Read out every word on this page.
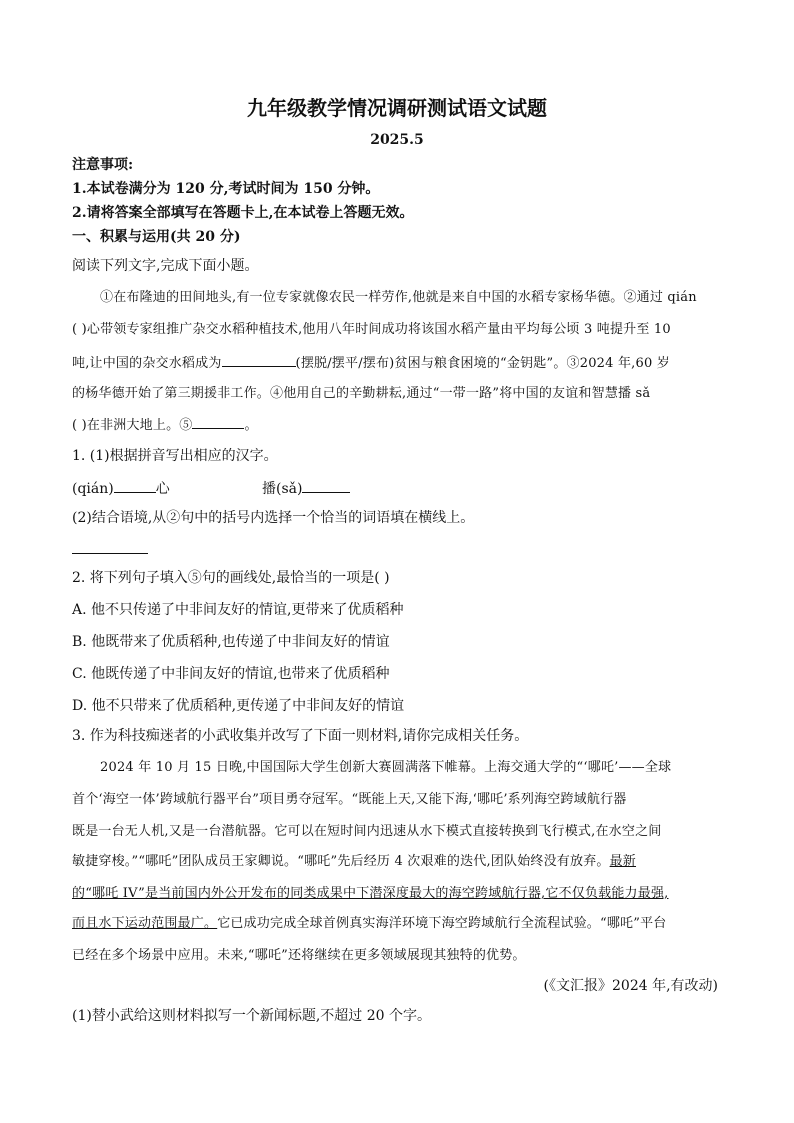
九年级教学情况调研测试语文试题
2025.5
注意事项:
1.本试卷满分为 120 分,考试时间为 150 分钟。
2.请将答案全部填写在答题卡上,在本试卷上答题无效。
一、积累与运用(共 20 分)
阅读下列文字,完成下面小题。
①在布隆迪的田间地头,有一位专家就像农民一样劳作,他就是来自中国的水稻专家杨华德。②通过 qián
( )心带领专家组推广杂交水稻种植技术,他用八年时间成功将该国水稻产量由平均每公顷 3 吨提升至 10
吨,让中国的杂交水稻成为	(摆脱/摆平/摆布)贫困与粮食困境的“金钥匙”。③2024 年,60 岁
的杨华德开始了第三期援非工作。④他用自己的辛勤耕耘,通过“一带一路”将中国的友谊和智慧播 sǎ
( )在非洲大地上。⑤	。
1. (1)根据拼音写出相应的汉字。
(qián)	心	播(sǎ)
(2)结合语境,从②句中的括号内选择一个恰当的词语填在横线上。
2. 将下列句子填入⑤句的画线处,最恰当的一项是( )
A. 他不只传递了中非间友好的情谊,更带来了优质稻种
B. 他既带来了优质稻种,也传递了中非间友好的情谊
C. 他既传递了中非间友好的情谊,也带来了优质稻种
D. 他不只带来了优质稻种,更传递了中非间友好的情谊
3. 作为科技痴迷者的小武收集并改写了下面一则材料,请你完成相关任务。
2024 年 10 月 15 日晚,中国国际大学生创新大赛圆满落下帷幕。上海交通大学的“‘哪吒’——全球
首个‘海空一体’跨域航行器平台”项目勇夺冠军。“既能上天,又能下海,‘哪吒’系列海空跨域航行器
既是一台无人机,又是一台潜航器。它可以在短时间内迅速从水下模式直接转换到飞行模式,在水空之间
敏捷穿梭。”“哪吒”团队成员王家卿说。“哪吒”先后经历 4 次艰难的迭代,团队始终没有放弃。最新
的“哪吒 IV”是当前国内外公开发布的同类成果中下潜深度最大的海空跨域航行器,它不仅负载能力最强,
而且水下运动范围最广。它已成功完成全球首例真实海洋环境下海空跨域航行全流程试验。“哪吒”平台
已经在多个场景中应用。未来,“哪吒”还将继续在更多领域展现其独特的优势。
(《文汇报》2024 年,有改动)
(1)替小武给这则材料拟写一个新闻标题,不超过 20 个字。
